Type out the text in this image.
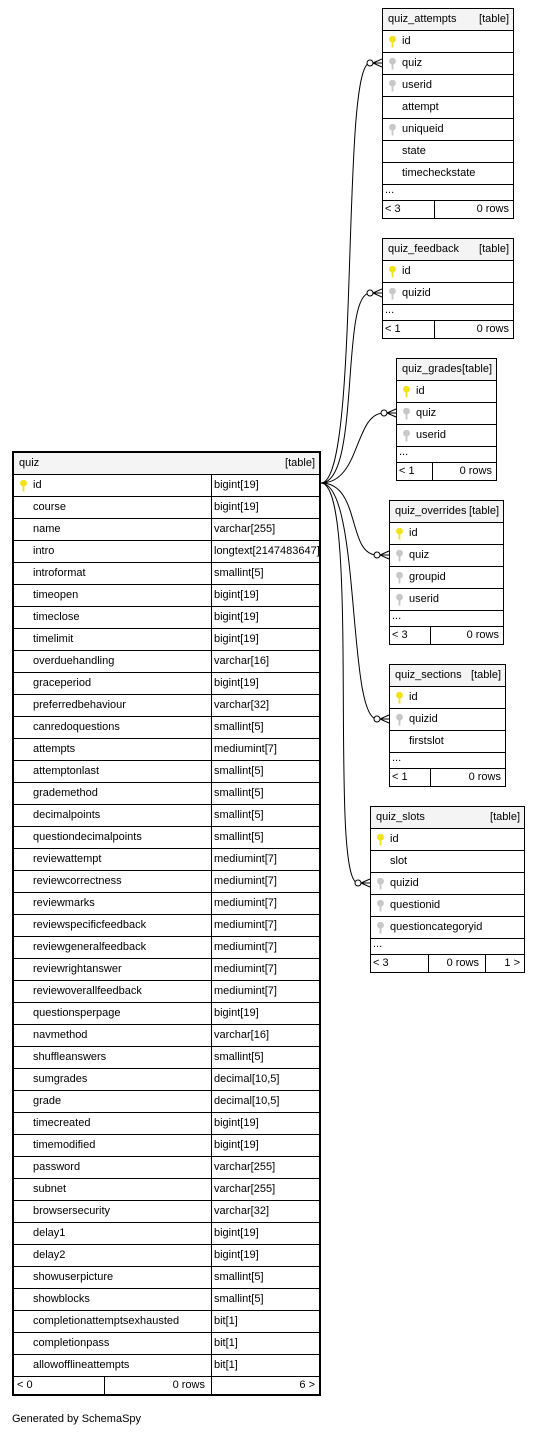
quiz	[table]
id	bigint[19]
course	bigint[19]
name	varchar[255]
intro	longtext[2147483647]
introformat	smallint[5]
timeopen	bigint[19]
timeclose	bigint[19]
timelimit	bigint[19]
overduehandling	varchar[16]
graceperiod	bigint[19]
preferredbehaviour	varchar[32]
canredoquestions	smallint[5]
attempts	mediumint[7]
attemptonlast	smallint[5]
grademethod	smallint[5]
decimalpoints	smallint[5]
questiondecimalpoints	smallint[5]
reviewattempt	mediumint[7]
reviewcorrectness	mediumint[7]
reviewmarks	mediumint[7]
reviewspecificfeedback	mediumint[7]
reviewgeneralfeedback	mediumint[7]
reviewrightanswer	mediumint[7]
reviewoverallfeedback	mediumint[7]
questionsperpage	bigint[19]
navmethod	varchar[16]
shuffleanswers	smallint[5]
sumgrades	decimal[10,5]
grade	decimal[10,5]
timecreated	bigint[19]
timemodified	bigint[19]
password	varchar[255]
subnet	varchar[255]
browsersecurity	varchar[32]
delay1	bigint[19]
delay2	bigint[19]
showuserpicture	smallint[5]
showblocks	smallint[5]
completionattemptsexhausted	bit[1]
completionpass	bit[1]
allowofflineattempts	bit[1]
< 0	0 rows	6 >
quiz_attempts [table]
id
quiz
userid
attempt
uniqueid
state
timecheckstate
...
< 3	0 rows
quiz_feedback [table]
id
quizid
...
< 1	0 rows
quiz_grades [table]
id
quiz
userid
...
< 1	0 rows
quiz_overrides [table]
id
quiz
groupid
userid
...
< 3	0 rows
quiz_sections [table]
id
quizid
firstslot
...
< 1	0 rows
quiz_slots	[table]
id
slot
quizid
questionid
questioncategoryid
...
< 3	0 rows 1 >
Generated by SchemaSpy
